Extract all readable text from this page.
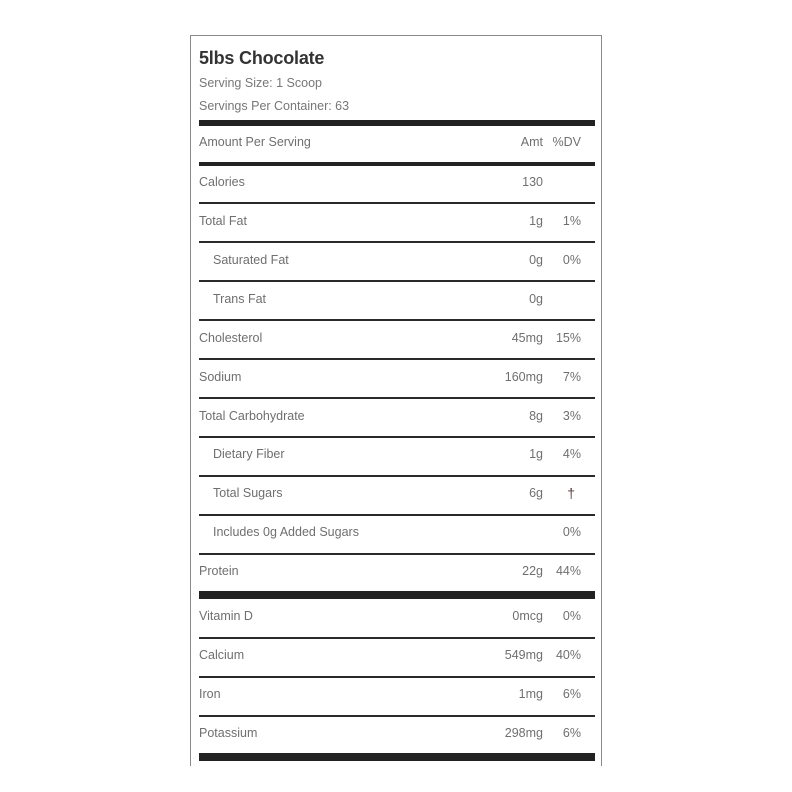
5lbs Chocolate
Serving Size: 1 Scoop
Servings Per Container: 63
Amount Per Serving	Amt %DV
Calories	130
Total Fat	1g 1%
Saturated Fat	0g 0%
Trans Fat	0g
Cholesterol	45mg 15%
Sodium	160mg 7%
Total Carbohydrate	8g 3%
Dietary Fiber	1g 4%
Total Sugars	6g †
Includes 0g Added Sugars	0%
Protein	22g 44%
Vitamin D	0mcg 0%
Calcium	549mg 40%
Iron	1mg 6%
Potassium	298mg 6%
